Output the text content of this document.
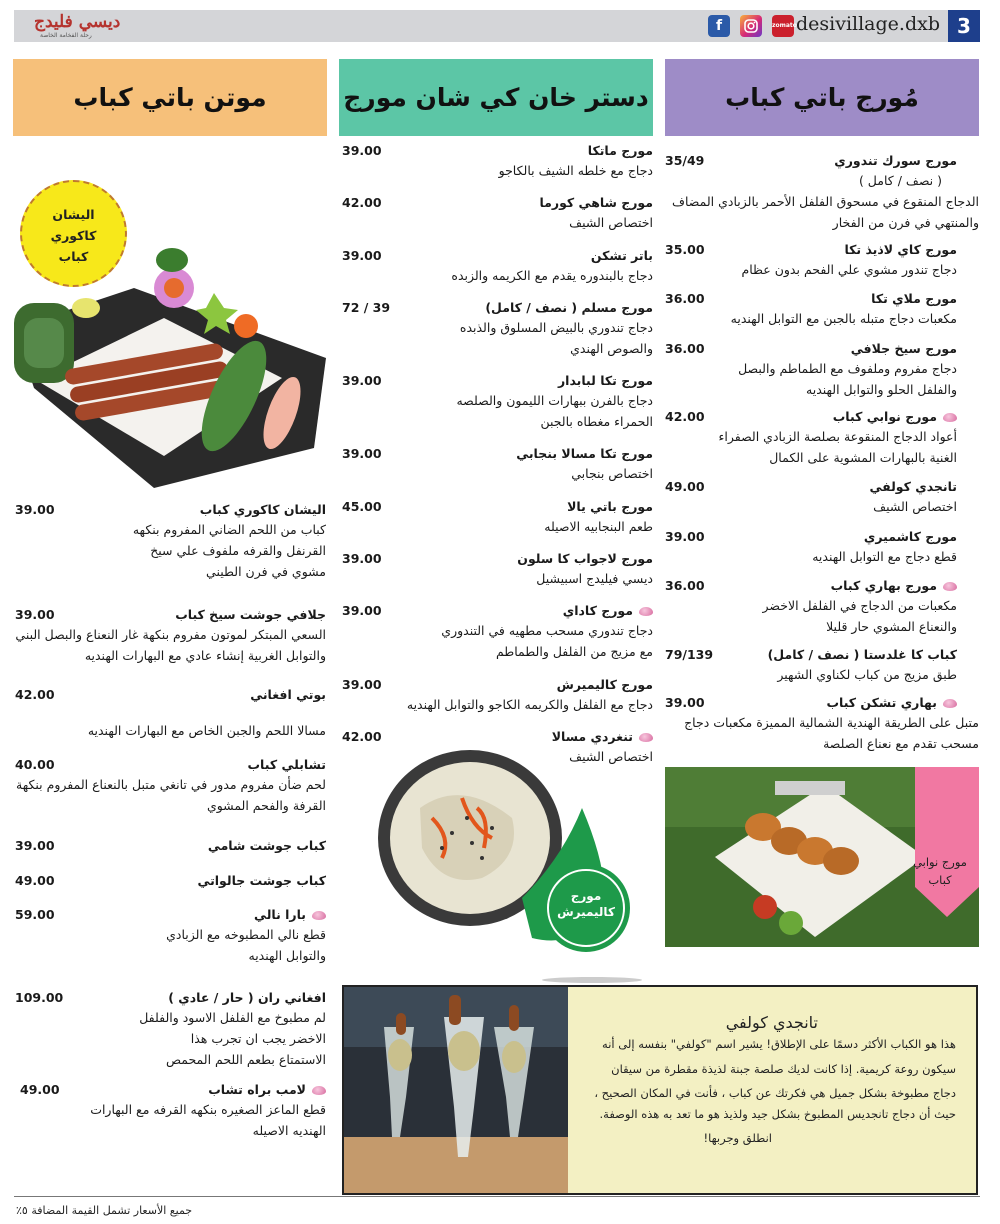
ديسي فليدج
رحلة الفخامة الخاصة
f	zomato desivillage.dxb 3
مُورج باتي كباب
دستر خان كي شان مورج
موتن باتي كباب
مورج سورك تندوري
35/49
( نصف / كامل )
الدجاج المنقوع في مسحوق الفلفل الأحمر بالزبادي المضاف
والمنتهي في فرن من الفخار
مورج كاي لاذيذ تكا
35.00
دجاج تندور مشوي علي الفحم بدون عظام
مورج ملاي تكا
36.00
مكعبات دجاج متبله بالجبن مع التوابل الهنديه
مورج سيخ جلافي
36.00
دجاج مفروم وملفوف مع الطماطم والبصل
والفلفل الحلو والتوابل الهنديه
مورج نوابي كباب
42.00
أعواد الدجاج المنقوعة بصلصة الزبادي الصفراء
الغنية بالبهارات المشوية على الكمال
تانجدي كولفي
49.00
اختصاص الشيف
مورج كاشميري
39.00
قطع دجاج مع التوابل الهنديه
مورج بهاري كباب
36.00
مكعبات من الدجاج في الفلفل الاخضر
والنعناع المشوي حار قليلا
كباب كا غلدستا ( نصف / كامل)
79/139
طبق مزيج من كباب لكناوي الشهير
بهاري تشكن كباب
39.00
متبل على الطريقة الهندية الشمالية المميزة مكعبات دجاج
مسحب تقدم مع نعناع الصلصة
مورج ماتكا
39.00
دجاج مع خلطه الشيف بالكاجو
مورج شاهي كورما
42.00
اختصاص الشيف
باتر تشكن
39.00
دجاج بالبندوره يقدم مع الكريمه والزبده
مورج مسلم ( نصف / كامل)
72 / 39
دجاج تندوري بالبيض المسلوق والذبده
والصوص الهندي
مورج تكا لبابدار
39.00
دجاج بالفرن ببهارات الليمون والصلصه
الحمراء مغطاه بالجبن
مورج تكا مسالا بنجابي
39.00
اختصاص بنجابي
مورج باتي يالا
45.00
طعم البنجابيه الاصيله
مورج لاجواب كا سلون
39.00
ديسي فيليدج اسبيشيل
مورج كاداي
39.00
دجاج تندوري مسحب مطهيه في التندوري
مع مزيج من الفلفل والطماطم
مورج كاليميرش
39.00
دجاج مع الفلفل والكريمه الكاجو والتوابل الهنديه
تنغردي مسالا
42.00
اختصاص الشيف
اليشان
كاكوري
كباب
اليشان كاكوري كباب
39.00
كباب من اللحم الضاني المفروم بنكهه
القرنفل والقرفه ملفوف علي سيخ
مشوي في فرن الطيني
جلافي جوشت سيخ كباب
39.00
السعي المبتكر لموتون مفروم بنكهة غار النعناع والبصل البني
والتوابل الغربية إنشاء عادي مع البهارات الهنديه
بوتي افغاني
42.00
مسالا اللحم والجبن الخاص مع البهارات الهنديه
تشابلي كباب
40.00
لحم ضأن مفروم مدور في تانغي متبل بالنعناع المفروم بنكهة
القرفة والفحم المشوي
كباب جوشت شامي
39.00
كباب جوشت جالواتي
49.00
بارا نالي
59.00
قطع نالي المطبوخه مع الزبادي
والتوابل الهنديه
افغاني ران ( حار / عادي )
109.00
لم مطبوخ مع الفلفل الاسود والفلفل
الاخضر يجب ان تجرب هذا
الاستمتاع بطعم اللحم المحمص
لامب براه تشاب
49.00
قطع الماعز الصغيره بنكهه القرفه مع البهارات
الهنديه الاصيله
مورج
كاليميرش
مورج نوابي
كباب
تانجدي كولفي
هذا هو الكباب الأكثر دسمًا على الإطلاق! يشير اسم "كولفي" بنفسه إلى أنه
سيكون روعة كريمية. إذا كانت لديك صلصة جبنة لذيذة مقطرة من سيقان
دجاج مطبوخة بشكل جميل هي فكرتك عن كباب ، فأنت في المكان الصحيح ،
حيث أن دجاج تانجديس المطبوخ بشكل جيد ولذيذ هو ما تعد به هذه الوصفة.
انطلق وجربها!
جميع الأسعار تشمل القيمة المضافة ٥٪
